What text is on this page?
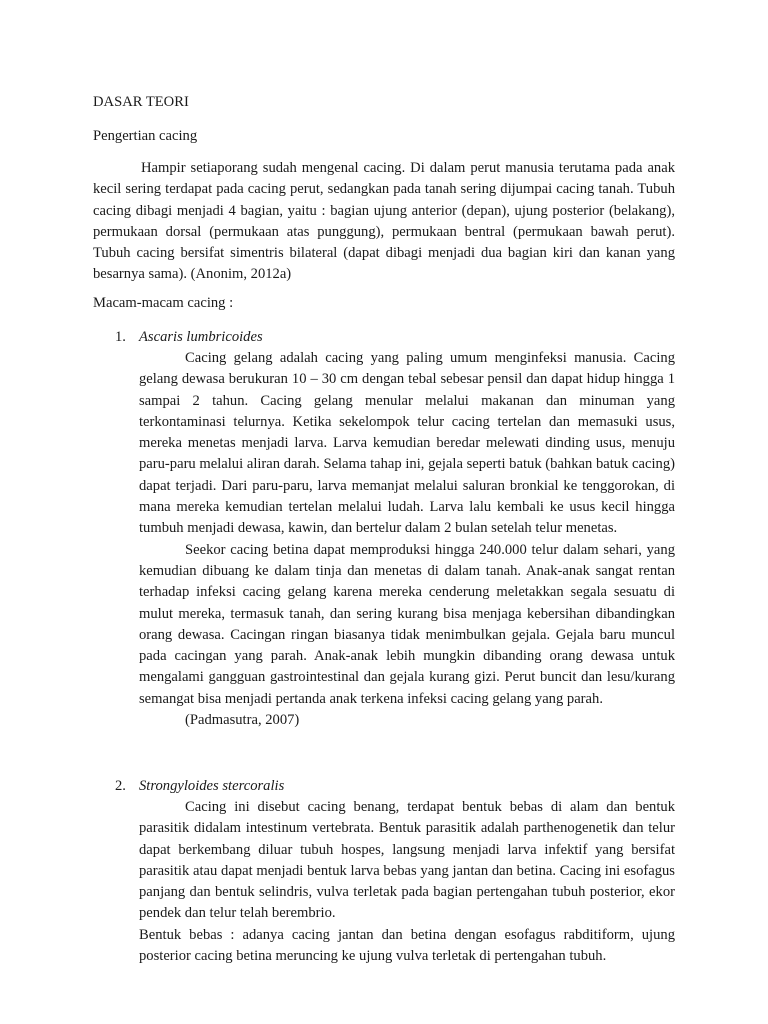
DASAR TEORI
Pengertian cacing

Hampir setiaporang sudah mengenal cacing. Di dalam perut manusia terutama pada anak kecil sering terdapat pada cacing perut, sedangkan pada tanah sering dijumpai cacing tanah. Tubuh cacing dibagi menjadi 4 bagian, yaitu : bagian ujung anterior (depan), ujung posterior (belakang), permukaan dorsal (permukaan atas punggung), permukaan bentral (permukaan bawah perut). Tubuh cacing bersifat simentris bilateral (dapat dibagi menjadi dua bagian kiri dan kanan yang besarnya sama). (Anonim, 2012a)

Macam-macam cacing :

1. Ascaris lumbricoides

Cacing gelang adalah cacing yang paling umum menginfeksi manusia. Cacing gelang dewasa berukuran 10 – 30 cm dengan tebal sebesar pensil dan dapat hidup hingga 1 sampai 2 tahun. Cacing gelang menular melalui makanan dan minuman yang terkontaminasi telurnya. Ketika sekelompok telur cacing tertelan dan memasuki usus, mereka menetas menjadi larva. Larva kemudian beredar melewati dinding usus, menuju paru-paru melalui aliran darah. Selama tahap ini, gejala seperti batuk (bahkan batuk cacing) dapat terjadi. Dari paru-paru, larva memanjat melalui saluran bronkial ke tenggorokan, di mana mereka kemudian tertelan melalui ludah. Larva lalu kembali ke usus kecil hingga tumbuh menjadi dewasa, kawin, dan bertelur dalam 2 bulan setelah telur menetas.

Seekor cacing betina dapat memproduksi hingga 240.000 telur dalam sehari, yang kemudian dibuang ke dalam tinja dan menetas di dalam tanah. Anak-anak sangat rentan terhadap infeksi cacing gelang karena mereka cenderung meletakkan segala sesuatu di mulut mereka, termasuk tanah, dan sering kurang bisa menjaga kebersihan dibandingkan orang dewasa. Cacingan ringan biasanya tidak menimbulkan gejala. Gejala baru muncul pada cacingan yang parah. Anak-anak lebih mungkin dibanding orang dewasa untuk mengalami gangguan gastrointestinal dan gejala kurang gizi. Perut buncit dan lesu/kurang semangat bisa menjadi pertanda anak terkena infeksi cacing gelang yang parah.

(Padmasutra, 2007)

2. Strongyloides stercoralis

Cacing ini disebut cacing benang, terdapat bentuk bebas di alam dan bentuk parasitik didalam intestinum vertebrata. Bentuk parasitik adalah parthenogenetik dan telur dapat berkembang diluar tubuh hospes, langsung menjadi larva infektif yang bersifat parasitik atau dapat menjadi bentuk larva bebas yang jantan dan betina. Cacing ini esofagus panjang dan bentuk selindris, vulva terletak pada bagian pertengahan tubuh posterior, ekor pendek dan telur telah berembrio.

Bentuk bebas : adanya cacing jantan dan betina dengan esofagus rabditiform, ujung posterior cacing betina meruncing ke ujung vulva terletak di pertengahan tubuh.
